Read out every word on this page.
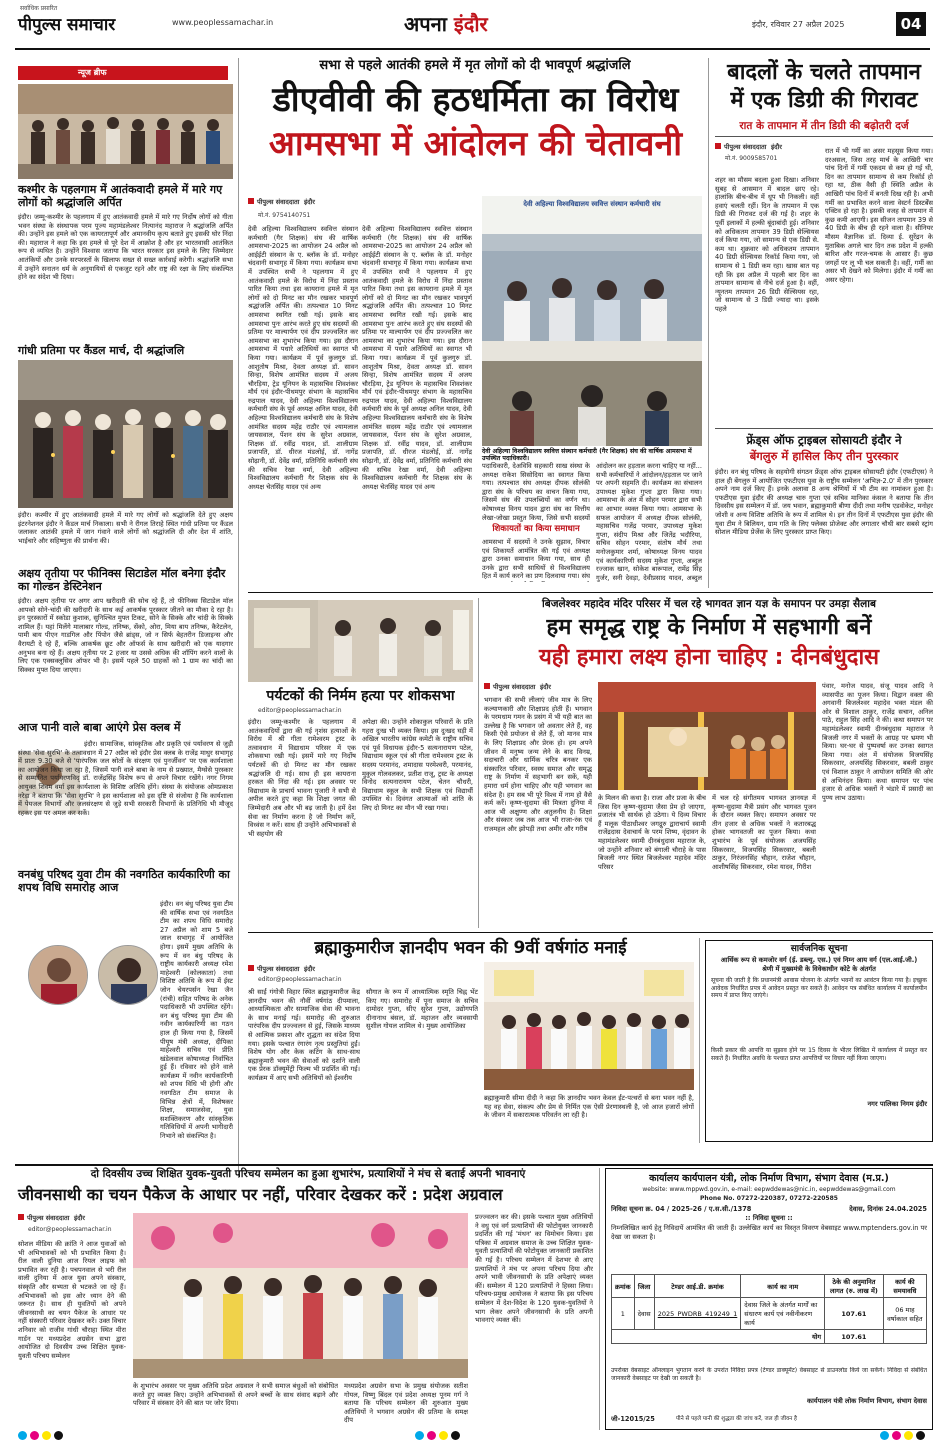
सर्वाधिक प्रसारित
पीपुल्स समाचार	www.peoplessamachar.in	अपना इंदौर	इंदौर, रविवार 27 अप्रैल 2025	04
न्यूज ब्रीफ
कश्मीर के पहलगाम में आतंकवादी हमले में मारे गए लोगों को श्रद्धांजलि अर्पित
इंदौर। जम्मू-कश्मीर के पहलगाम में हुए आतंकवादी हमले में मारे गए निर्दोष लोगों को गीता भवन संस्था के संस्थापक परम पूज्य महामंडलेश्वर नित्यानंद महाराज ने श्रद्धांजलि अर्पित की। उन्होंने इस हमले को एक कायरतापूर्ण और अमानवीय कृत्य बताते हुए इसकी घोर निंदा की। महाराज ने कहा कि इस हमले से पूरे देश में आक्रोश है और हर भारतवासी आतंकित रूप से व्यथित है। उन्होंने विश्वास जताया कि भारत सरकार इस हमले के लिए जिम्मेदार आतंकियों और उनके सरपरस्तों के खिलाफ सख्त से सख्त कार्रवाई करेगी। श्रद्धांजलि सभा में उन्होंने सनातन धर्म के अनुयायियों से एकजुट रहने और राष्ट्र की रक्षा के लिए संकल्पित होने का संदेश भी दिया।
गांधी प्रतिमा पर कैंडल मार्च, दी श्रद्धांजलि
इंदौर। कश्मीर में हुए आतंकवादी हमले में मारे गए लोगों को श्रद्धांजलि देते हुए अक्षय इंटरनेशनल इंदौर ने कैंडल मार्च निकाला। सभी ने रीगल तिराहे स्थित गांधी प्रतिमा पर कैंडल जलाकर आतंकी हमले में जान गंवाने वाले लोगों को श्रद्धांजलि दी और देश में शांति, भाईचारे और सहिष्णुता की प्रार्थना की।
अक्षय तृतीया पर फीनिक्स सिटाडेल मॉल बनेगा इंदौर का गोल्डन डेस्टिनेशन
इंदौर। अक्षय तृतीया पर अगर आप खरीदारी की सोच रहे हैं, तो फीनिक्स सिटाडेल मॉल आपको सोने-चांदी की खरीदारी के साथ कई आकर्षक पुरस्कार जीतने का मौका दे रहा है। इन पुरस्कारों में स्कोडा कुशाक, सुनिश्चित मुफ्त टिकट, सोने के सिक्के और चांदी के सिक्के शामिल हैं। यहां मिलेंगे मालाबार गोल्ड, तनिष्क, सेंको, ओरा, मिया बाय तनिष्क, कैरेटलेन, पामी बाय पीएन गाडगिल और पिंपोन जैसे ब्रांड्स, जो न सिर्फ बेहतरीन डिजाइन्स और वैरायटी दे रहे हैं, बल्कि आकर्षक छूट और ऑफर्स के साथ खरीदारी को एक यादगार अनुभव बना रहे हैं। अक्षय तृतीया पर 2 हजार या उससे अधिक की शॉपिंग करने वालों के लिए एक एक्सक्लूसिव ऑफर भी है। इसमें पहले 50 ग्राहकों को 1 ग्राम का चांदी का सिक्का मुफ्त दिया जाएगा।
आज पानी वाले बाबा आएंगे प्रेस क्लब में
इंदौर। सामाजिक, सांस्कृतिक और प्रकृति एवं पर्यावरण से जुड़ी संस्था 'सेवा सुरभि' के तत्वावधान में 27 अप्रैल को इंदौर प्रेस क्लब के राजेंद्र माथुर सभागृह में प्रातः 9.30 बजे से 'पारंपरिक जल स्रोतों के संरक्षण एवं पुनर्जीवन' पर एक कार्यशाला का आयोजन किया जा रहा है, जिसमें पानी वाले बाबा के नाम से प्रख्यात, मैग्सेसे पुरस्कार से सम्मानित पर्यावरणविद् डॉ. राजेंद्रसिंह विशेष रूप से अपने विचार रखेंगे। नगर निगम आयुक्त शिवम वर्मा इस कार्यशाला के विशिष्ट अतिथि होंगे। संस्था के संयोजक ओमप्रकाश नरेड़ा ने बताया कि 'सेवा सुरभि' ने इस कार्यशाला को इस दृष्टि से संजोया है कि कार्यशाला में पेयजल विभागों और जलसंरक्षण से जुड़े सभी सरकारी विभागों के प्रतिनिधि भी मौजूद रहकर इस पर अमल कर सकें।
वनबंधु परिषद युवा टीम की नवगठित कार्यकारिणी का शपथ विधि समारोह आज
इंदौर। वन बंधु परिषद युवा टीम की वार्षिक सभा एवं नवगठित टीम का शपथ विधि समारोह 27 अप्रैल को शाम 5 बजे जाल सभागृह में आयोजित होगा। इसमें मुख्य अतिथि के रूप में वन बंधु परिषद के राष्ट्रीय कार्यकारी अध्यक्ष रमेश माहेश्वरी (कोलकाता) तथा विशिष्ट अतिथि के रूप में ईस्ट जोन चेयरपर्सन रेखा जैन (रांची) सहित परिषद के अनेक पदाधिकारी भी उपस्थित रहेंगे। वन बंधु परिषद युवा टीम की नवीन कार्यकारिणी का गठन हाल ही किया गया है, जिसमें पीयूष मंत्री अध्यक्ष, दीपिका माहेश्वरी सचिव एवं प्रीति खंडेलवाल कोषाध्यक्ष निर्वाचित हुई हैं। रविवार को होने वाले कार्यक्रम में नवीन कार्यकारिणी को शपथ विधि भी होगी और नवगठित टीम समाज के विभिन्न क्षेत्रों में, विशेषकर शिक्षा, समाजसेवा, युवा सशक्तिकरण और सांस्कृतिक गतिविधियों में अपनी भागीदारी निभाने को संकल्पित है।
सभा से पहले आतंकी हमले में मृत लोगों को दी भावपूर्ण श्रद्धांजलि
डीएवीवी की हठधर्मिता का विरोध
आमसभा में आंदोलन की चेतावनी
पीपुल्स संवाददाता इंदौर
मो.नं. 9754140751
देवी अहिल्या विश्वविद्यालय स्ववित्त संस्थान कर्मचारी (गैर शिक्षक) संघ की वार्षिक आमसभा-2025 का आयोजन 24 अप्रैल को आईईटी संस्थान के ए. ब्लॉक के डॉ. मनोहर चंदवानी सभागृह में किया गया। कार्यक्रम सभा में उपस्थित सभी ने पहलगाम में हुए आतंकवादी हमले के विरोध में निंदा प्रस्ताव पारित किया तथा इस कायराना हमले में मृत लोगों को दो मिनट का मौन रखकर भावपूर्ण श्रद्धांजलि अर्पित की। तत्पश्चात 10 मिनट आमसभा स्थगित रखी गई। इसके बाद आमसभा पुनः आरंभ करते हुए संघ सदस्यों की प्रतिमा पर माल्यार्पण एवं दीप प्रज्ज्वलित कर आमसभा का शुभारंभ किया गया। इस दौरान आमसभा में पधारे अतिथियों का स्वागत भी किया गया। कार्यक्रम में पूर्व कुलगुरु डॉ. आशुतोष मिश्रा, देवता अध्यक्ष डॉ. सावन सिन्हा, विशेष आमंत्रित सदस्य में अजय चौरड़िया, ट्रेड यूनियन के महासचिव शिवशंकर मौर्य एवं इंदौर-पीथमपुर संभाग के महासचिव रुद्रपाल यादव, देवी अहिल्या विश्वविद्यालय कर्मचारी संघ के पूर्व अध्यक्ष अनिल यादव, देवी अहिल्या विश्वविद्यालय कर्मचारी संघ के विशेष आमंत्रित सदस्य महेंद्र राठौर एवं श्यामलाल जायसवाल, पेंशन संघ के सुरेश अग्रवाल, शिक्षक डॉ. रवींद्र यादव, डॉ. शालीग्राम प्रजापति, डॉ. धीरज मंडलोई, डॉ. नागेंद्र सोढ़ानी, डॉ. देवेंद्र वर्मा, प्रतिनिधि कर्मचारी संघ की सचिव रेखा वर्मा, देवी अहिल्या विश्वविद्यालय कर्मचारी गैर शिक्षक संघ के अध्यक्ष चेतसिंह यादव एवं अन्य
देवी अहिल्या विश्वविद्यालय स्ववित्त संस्थान कर्मचारी (गैर शिक्षक) संघ की वार्षिक आमसभा-2025 का आयोजन 24 अप्रैल को आईईटी संस्थान के ए. ब्लॉक के डॉ. मनोहर चंदवानी सभागृह में किया गया। कार्यक्रम सभा में उपस्थित सभी ने पहलगाम में हुए आतंकवादी हमले के विरोध में निंदा प्रस्ताव पारित किया तथा इस कायराना हमले में मृत लोगों को दो मिनट का मौन रखकर भावपूर्ण श्रद्धांजलि अर्पित की। तत्पश्चात 10 मिनट आमसभा स्थगित रखी गई। इसके बाद आमसभा पुनः आरंभ करते हुए संघ सदस्यों की प्रतिमा पर माल्यार्पण एवं दीप प्रज्ज्वलित कर आमसभा का शुभारंभ किया गया। इस दौरान आमसभा में पधारे अतिथियों का स्वागत भी किया गया। कार्यक्रम में पूर्व कुलगुरु डॉ. आशुतोष मिश्रा, देवता अध्यक्ष डॉ. सावन सिन्हा, विशेष आमंत्रित सदस्य में अजय चौरड़िया, ट्रेड यूनियन के महासचिव शिवशंकर मौर्य एवं इंदौर-पीथमपुर संभाग के महासचिव रुद्रपाल यादव, देवी अहिल्या विश्वविद्यालय कर्मचारी संघ के पूर्व अध्यक्ष अनिल यादव, देवी अहिल्या विश्वविद्यालय कर्मचारी संघ के विशेष आमंत्रित सदस्य महेंद्र राठौर एवं श्यामलाल जायसवाल, पेंशन संघ के सुरेश अग्रवाल, शिक्षक डॉ. रवींद्र यादव, डॉ. शालीग्राम प्रजापति, डॉ. धीरज मंडलोई, डॉ. नागेंद्र सोढ़ानी, डॉ. देवेंद्र वर्मा, प्रतिनिधि कर्मचारी संघ की सचिव रेखा वर्मा, देवी अहिल्या विश्वविद्यालय कर्मचारी गैर शिक्षक संघ के अध्यक्ष चेतसिंह यादव एवं अन्य
देवी अहिल्या विश्वविद्यालय स्ववित्त संस्थान कर्मचारी संघ
देवी अहिल्या विश्वविद्यालय स्ववित्त संस्थान कर्मचारी (गैर शिक्षक) संघ की वार्षिक आमसभा में उपस्थित पदाधिकारी।
पदाधिकारी, देअविवि सहकारी साख संस्था के अध्यक्ष राकेश सिसोदिया का स्वागत किया गया। तत्पश्चात संघ अध्यक्ष दीपक सोलंकी द्वारा संघ के परिचय का वाचन किया गया, जिसमें संघ की उपलब्धियों का वर्णन था। कोषाध्यक्ष विनय यादव द्वारा संघ का वित्तीय लेखा-जोखा प्रस्तुत किया, जिसे सभी सदस्यों
शिकायतों का किया समाधान
आमसभा में सदस्यों ने उनके सुझाव, विचार एवं शिकायतें आमंत्रित की गईं एवं अध्यक्ष द्वारा उनका समाधान किया गया, साथ ही उनके द्वारा सभी साथियों से विश्वविद्यालय हित में कार्य करने का प्रण दिलवाया गया। संघ
आंदोलन कर हड़ताल करना चाहिए या नहीं... सभी कर्मचारियों ने आंदोलन/हड़ताल पर जाने पर अपनी सहमति दी। कार्यक्रम का संचालन उपाध्यक्ष मुकेश गुप्ता द्वारा किया गया। आमसभा के अंत में सोहन परमार द्वारा सभी का आभार व्यक्त किया गया। आमसभा के सफल आयोजन में अध्यक्ष दीपक सोलंकी, महासचिव गजेंद्र परमार, उपाध्यक्ष मुकेश गुप्ता, संदीप मिश्रा और जितेंद्र भदौरिया, सचिव सोहन परमार, संतोष मौर्य तथा मनोजकुमार शर्मा, कोषाध्यक्ष विनय यादव एवं कार्यकारिणी सदस्य मुकेश गुप्ता, अब्दुल रज्जाक खान, सोकेश बारूपाल, रामेंद्र सिंह गुर्जर, सनी देवड़ा, देवीप्रसाद यादव, अब्दुल
बादलों के चलते तापमान
में एक डिग्री की गिरावट
रात के तापमान में तीन डिग्री की बढ़ोतरी दर्ज
पीपुल्स संवाददाता इंदौर
मो.नं. 9009585701
शहर का मौसम बदला हुआ दिखा। शनिवार सुबह से आसमान में बादल छाए रहे। हालांकि बीच-बीच में धूप भी निकली। वहीं हवाएं चलती रहीं। दिन के तापमान में एक डिग्री की गिरावट दर्ज की गई है। शहर के पूर्वी इलाकों में हल्की बूंदाबांदी हुई। शनिवार को अधिकतम तापमान 39 डिग्री सेल्सियस दर्ज किया गया, जो सामान्य से एक डिग्री से. कम था। शुक्रवार को अधिकतम तापमान 40 डिग्री सेल्सियस रिकॉर्ड किया गया, जो सामान्य से 1 डिग्री कम रहा। खास बात यह रही कि इस अप्रैल में पहली बार दिन का तापमान सामान्य से नीचे दर्ज हुआ है। वहीं, न्यूनतम तापमान 26 डिग्री सेल्सियस रहा, जो सामान्य से 3 डिग्री ज्यादा था। इसके पहले
रात में भी गर्मी का असर महसूस किया गया। दरअसल, जिस तरह मार्च के आखिरी चार पांच दिनों में गर्मी एकदम से कम हो गई थी, दिन का तापमान सामान्य से कम रिकॉर्ड हो रहा था, ठीक वैसी ही स्थिति अप्रैल के आखिरी पांच दिनों में बनती दिख रही है। अभी गर्मी का प्रभावित करने वाला वेस्टर्न डिस्टर्बेंस एक्टिव हो रहा है। इसकी वजह से तापमान में कुछ कमी आएगी। इस सीजन तापमान 39 से 40 डिग्री के बीच ही रहने वाला है। सीनियर मौसम वैज्ञानिक डॉ. दिव्या ई. सुरेंद्रन के मुताबिक अगले चार दिन तक प्रदेश में हल्की बारिश और गरज-चमक के आसार हैं। कुछ जगहों पर लू भी चल सकती है। वहीं, गर्मी का असर भी देखने को मिलेगा। इंदौर में गर्मी का असर रहेगा।
फ्रेंड्स ऑफ ट्राइबल सोसायटी इंदौर ने
बेंगलुरु में हासिल किए तीन पुरस्कार
इंदौर। वन बंधु परिषद के सहयोगी संगठन फ्रेंड्स ऑफ ट्राइबल सोसायटी इंदौर (एफटीएस) ने हाल ही बेंगलुरु में आयोजित एफटीएस युवा के राष्ट्रीय सम्मेलन 'अभिज्ञ-2.0' में तीन पुरस्कार अपने नाम दर्ज किए हैं। इनके अलावा 8 अन्य श्रेणियों में भी टीम का नामांकन हुआ है। एफटीएस युवा इंदौर की अध्यक्ष चारु गुप्ता एवं सचिव मानिका कंसल ने बताया कि तीन दिवसीय इस सम्मेलन में डॉ. जय भवान, ब्रह्माकुमारी बीणा दीदी तथा मनीष एडवोकेट, मनोहर जोशी व अन्य विशिष्ट अतिथि के रूप में शामिल थे। इन तीन दिनों में एफटीएस युवा इंदौर की युवा टीम ने बिलियन, ग्राम गति के लिए फ्लेक्स प्रोजेक्ट और लगातार चौथी बार सबसे स्ट्रांग सोशल मीडिया प्रेजेंस के लिए पुरस्कार प्राप्त किए।
पर्यटकों की निर्मम हत्या पर शोकसभा
editor@peoplessamachar.in
इंदौर। जम्मू-कश्मीर के पहलगाम में आतंकवादियों द्वारा की गई नृशंस हत्याओं के विरोध में श्री गीता रामेश्वरम ट्रस्ट के तत्वावधान में विद्याधाम परिसर में एक शोकसभा रखी गई। इसमें मारे गए निर्दोष पर्यटकों की दो मिनट का मौन रखकर श्रद्धांजलि दी गई। साथ ही इस कायराना हरकत की निंदा की गई। इस अवसर पर विद्याधाम के प्राचार्य भावना पुजारी ने सभी से अपील करते हुए कहा कि शिक्षा जगत की जिम्मेदारी अब और भी बढ़ जाती है। हमें देश सेवा का निर्माण करना है जो निर्माण करें, विध्वंस न करें। साथ ही उन्होंने अभिभावकों से भी सहयोग की
अपेक्षा की। उन्होंने शोकाकुल परिवारों के प्रति गहरा दुःख भी व्यक्त किया। इस दुःखद घड़ी में अखिल भारतीय कांग्रेस कमेटी के राष्ट्रीय सचिव एवं पूर्व विधायक इंदौर-5 सत्यनारायण पटेल, विद्याधाम स्कूल एवं श्री गीता रामेश्वरम ट्रस्ट के सदस्य परमानंद, शमादास परमेश्वरी, परमानंद, मुकुल गोलवलकर, प्रतीश राजू, ट्रस्ट के अध्यक्ष विनोद सत्यनारायण पटेल, चेतन चौधरी, विद्याधाम स्कूल के सभी शिक्षक एवं विद्यार्थी उपस्थित थे। दिवंगत आत्माओं को शांति के लिए दो मिनट का मौन भी रखा गया।
बिजलेश्वर महादेव मंदिर परिसर में चल रहे भागवत ज्ञान यज्ञ के समापन पर उमड़ा सैलाब
हम समृद्ध राष्ट्र के निर्माण में सहभागी बनें
यही हमारा लक्ष्य होना चाहिए : दीनबंधुदास
पीपुल्स संवाददाता इंदौर
भगवान की सभी लीलाएं जीव मात्र के लिए कल्याणकारी और शिक्षाप्रद होती हैं। भगवान के परमधाम गमन के प्रसंग में भी यही बात का उल्लेख है कि भगवान जो अवतार लेते हैं, वह किसी ऐसे प्रयोजन से लेते हैं, जो मानव मात्र के लिए शिक्षाप्रद और प्रेरक हो। हम अपने जीवन में मनुष्य जन्म लेने के बाद विनम्र, सदाचारी और धार्मिक चरित्र बनकर एक संस्कारित परिवार, स्वस्थ समाज और समृद्ध राष्ट्र के निर्माण में सहभागी बन सकें, यही हमारा धर्म होना चाहिए और यही भगवान का संदेश है। हम सब भी पूरे विश्व में नाम हो वैसे कर्म करें। कृष्ण-सुदामा की मित्रता दुनिया में आज भी अक्षुण्ण और अतुलनीय है। शिक्षा और संस्कार जब तक आज भी राजा-रंक एवं राजमहल और झोपड़ी तथा अमीर और गरीब
के मिलन की कथा है। राजा और प्रजा के बीच जिस दिन कृष्ण-सुदामा जैसा प्रेम हो जाएगा, प्रजातंत्र भी सार्थक हो उठेगा। ये दिव्य विचार हैं मलूक पीठाधीश्वर जगद्गुरु द्वाराचार्य स्वामी राजेंद्रदास देवाचार्य के परम शिष्य, वृंदावन के महामंडलेश्वर स्वामी दीनबंधुदास महाराज के, जो उन्होंने शनिवार को बंगाली चौराहे के पास बिजली नगर स्थित बिजलेश्वर महादेव मंदिर परिसर
में चल रहे संगीतमय भागवत ज्ञानयज्ञ में कृष्ण-सुदामा मैत्री प्रसंग और भागवत पूजन के दौरान व्यक्त किए। समापन अवसर पर तीन हजार से अधिक भक्तों ने कतारबद्ध होकर भागवतजी का पूजन किया। कथा शुभारंभ के पूर्व संयोजक अजयसिंह सिकरवार, विजयसिंह सिकरवार, बबली ठाकुर, निरंजनसिंह चौहान, राजेश चौहान, आशीषसिंह सिकरवार, रमेश यादव, गिरीश
पंवार, मनोज यादव, संजू यादव आदि ने व्यासपीठ का पूजन किया। विद्वान वक्ता की अगवानी बिजलेश्वर महादेव भक्त मंडल की ओर से विशाल ठाकुर, राजेंद्र सचान, अनिल पाठे, राहुल सिंह आदि ने की। कथा समापन पर महामंडलेश्वर स्वामी दीनबंधुदास महाराज ने बिजली नगर में भक्तों के आग्रह पर भ्रमण भी किया। घर-घर से पुष्पवर्षा कर उनका स्वागत किया गया। अंत में संयोजक विजयसिंह सिकरवार, अजयसिंह सिकरवार, बबली ठाकुर एवं विशाल ठाकुर ने आयोजन समिति की ओर से अभिनंदन किया। कथा समापन पर पांच हजार से अधिक भक्तों ने भंडारे में प्रसादी का पुण्य लाभ उठाया।
ब्रह्माकुमारीज ज्ञानदीप भवन की 9वीं वर्षगांठ मनाई
पीपुल्स संवाददाता इंदौर
editor@peoplessamachar.in
श्री साईं गंगोत्री विहार स्थित ब्रह्माकुमारीज केंद्र ज्ञानदीप भवन की नौवीं वर्षगांठ दीपमाला, आध्यात्मिकता और सामाजिक सेवा की भावना के साथ मनाई गई। समारोह की शुरुआत पारंपरिक दीप प्रज्ज्वलन से हुई, जिसके माध्यम से आत्मिक प्रकाश और शुद्धता का संदेश दिया गया। इसके पश्चात रंगारंग नृत्य प्रस्तुतियां हुईं। विशेष योग और केक कटिंग के साथ-साथ ब्रह्माकुमारी भवन की सेवाओं को दर्शाने वाली एक प्रेरक डॉक्यूमेंट्री फिल्म भी प्रदर्शित की गई। कार्यक्रम में आए सभी अतिथियों को ईश्वरीय
सौगात के रूप में आध्यात्मिक स्मृति चिह्न भेंट किए गए। समारोह में पूना समाज के सचिव दामोदर गुप्ता, सीए सुरेश गुप्ता, उद्योगपति दीनानाथ बंसल, डॉ. महाजन और व्यवसायी सुशील गोयल शामिल थे। मुख्य आयोजिका
ब्रह्माकुमारी सीमा दीदी ने कहा कि ज्ञानदीप भवन केवल ईंट-पत्थरों से बना भवन नहीं है, यह वह सेवा, संकल्प और प्रेम से निर्मित एक ऐसी प्रेरणास्थली है, जो आज हजारों लोगों के जीवन में सकारात्मक परिवर्तन ला रही है।
सार्वजनिक सूचना
आर्थिक रूप से कमजोर वर्ग (ई. डब्ल्यू. एस.) एवं निम्न आय वर्ग (एल.आई.जी.)
श्रेणी में मुख्यमंत्री के विवेकाधीन कोटे के अंतर्गत
सूचना की जाती है कि प्रधानमंत्री आवास योजना के अंतर्गत भवनों का आवंटन किया गया है। इच्छुक आवेदक निर्धारित प्रपत्र में आवेदन प्रस्तुत कर सकते हैं। आवेदन पत्र संबंधित कार्यालय में कार्यालयीन समय में प्राप्त किए जाएंगे।
किसी प्रकार की आपत्ति या सुझाव होने पर 15 दिवस के भीतर लिखित में कार्यालय में प्रस्तुत कर सकते हैं। निर्धारित अवधि के पश्चात प्राप्त आपत्तियों पर विचार नहीं किया जाएगा।
नगर पालिका निगम इंदौर
दो दिवसीय उच्च शिक्षित युवक-युवती परिचय सम्मेलन का हुआ शुभारंभ, प्रत्याशियों ने मंच से बताई अपनी भावनाएं
जीवनसाथी का चयन पैकेज के आधार पर नहीं, परिवार देखकर करें : प्रदेश अग्रवाल
पीपुल्स संवाददाता इंदौर
editor@peoplessamachar.in
सोशल मीडिया की क्रांति ने आज युवाओं को भी अभिभावकों को भी प्रभावित किया है। रील वाली दुनिया आज रियल लाइफ को प्रभावित कर रही है। पचपनवाल से भरी रील वाली दुनिया में आज युवा अपने संस्कार, संस्कृति और सभ्यता से भटकते जा रहे हैं। अभिभावकों को इस ओर ध्यान देने की जरूरत है। साथ ही युवतियों को अपने जीवनसाथी का चयन पैकेज के आधार पर नहीं संस्कारी परिवार देखकर करें। उक्त विचार शनिवार को राजीव गांधी चौराहा स्थित मीरा गार्डन पर मध्यप्रदेश अग्रसेन सभा द्वारा आयोजित दो दिवसीय उच्च शिक्षित युवक-युवती परिचय सम्मेलन
के शुभारंभ अवसर पर मुख्य अतिथि प्रदेश अग्रवाल ने सभी समाज बंधुओं को संबोधित करते हुए व्यक्त किए। उन्होंने अभिभावकों से अपने बच्चों के साथ संवाद बढ़ाने और परिवार में संस्कार देने की बात पर जोर दिया।
मध्यप्रदेश अग्रसेन सभा के प्रमुख संयोजक सतीश गोयल, विष्णु बिंदल एवं प्रदेश अध्यक्ष पूनम गर्ग ने बताया कि परिचय सम्मेलन की शुरुआत मुख्य अतिथियों ने भगवान अग्रसेन की प्रतिमा के समक्ष दीप
प्रज्ज्वलन कर की। इसके पश्चात मुख्य अतिथियों ने वधु एवं वर्ग प्रत्याशियों की फोटोयुक्त जानकारी प्रदर्शित की गई 'मंथन' का विमोचन किया। इस पत्रिका में अग्रवाल समाज के उच्च शिक्षित युवक-युवती प्रत्याशियों की फोटोयुक्त जानकारी प्रकाशित की गई है। परिचय सम्मेलन में देशभर से आए प्रत्याशियों ने मंच पर अपना परिचय दिया और अपने भावी जीवनसाथी के प्रति अपेक्षाएं व्यक्त कीं। सम्मेलन में 120 प्रत्याशियों ने हिस्सा लिया। परिचय-प्रमुख आयोजक ने बताया कि इस परिचय सम्मेलन में देश-विदेश के 120 युवक-युवतियों ने भाग लेकर अपने जीवनसाथी के प्रति अपनी भावनाएं व्यक्त कीं।
कार्यालय कार्यपालन यंत्री, लोक निर्माण विभाग, संभाग देवास (म.प्र.)
website: www.mppwd.gov.in, e-mail: eepwddewas@nic.in, eepwddewas@gmail.com
Phone No. 07272-220387, 07272-220585
निविदा सूचना क्र. 04 / 2025-26 / ए.स.सी./1378	देवास, दिनांक 24.04.2025
:: निविदा सूचना ::
निम्नलिखित कार्य हेतु निविदायें आमंत्रित की जाती हैं। उल्लेखित कार्य का विस्तृत विवरण वेबसाइट www.mptenders.gov.in पर देखा जा सकता है।
क्रमांक	जिला	टेण्डर आई.डी. क्रमांक	कार्य का नाम	ठेके की अनुमानित लागत (रु. लाख में)	कार्य की समयावधि
1	देवास	2025_PWDRB_419249_1	देवास जिले के अंतर्गत मार्गों का संधारण कार्य एवं नवीनीकरण कार्य	107.61	06 माह वर्षाकाल सहित
योग				107.61	
उपरोक्त वेबसाइट ऑनलाइन भुगतान करने के उपरांत निविदा प्रपत्र (टेण्डर डाक्यूमेंट) वेबसाइट से डाउनलोड किये जा सकेंगे। निविदा से संबंधित जानकारी वेबसाइट पर देखी जा सकती है।
कार्यपालन यंत्री लोक निर्माण विभाग, संभाग देवास
जी-12015/25	पीने से पहले पानी की शुद्धता की जांच करें, जल ही जीवन है
